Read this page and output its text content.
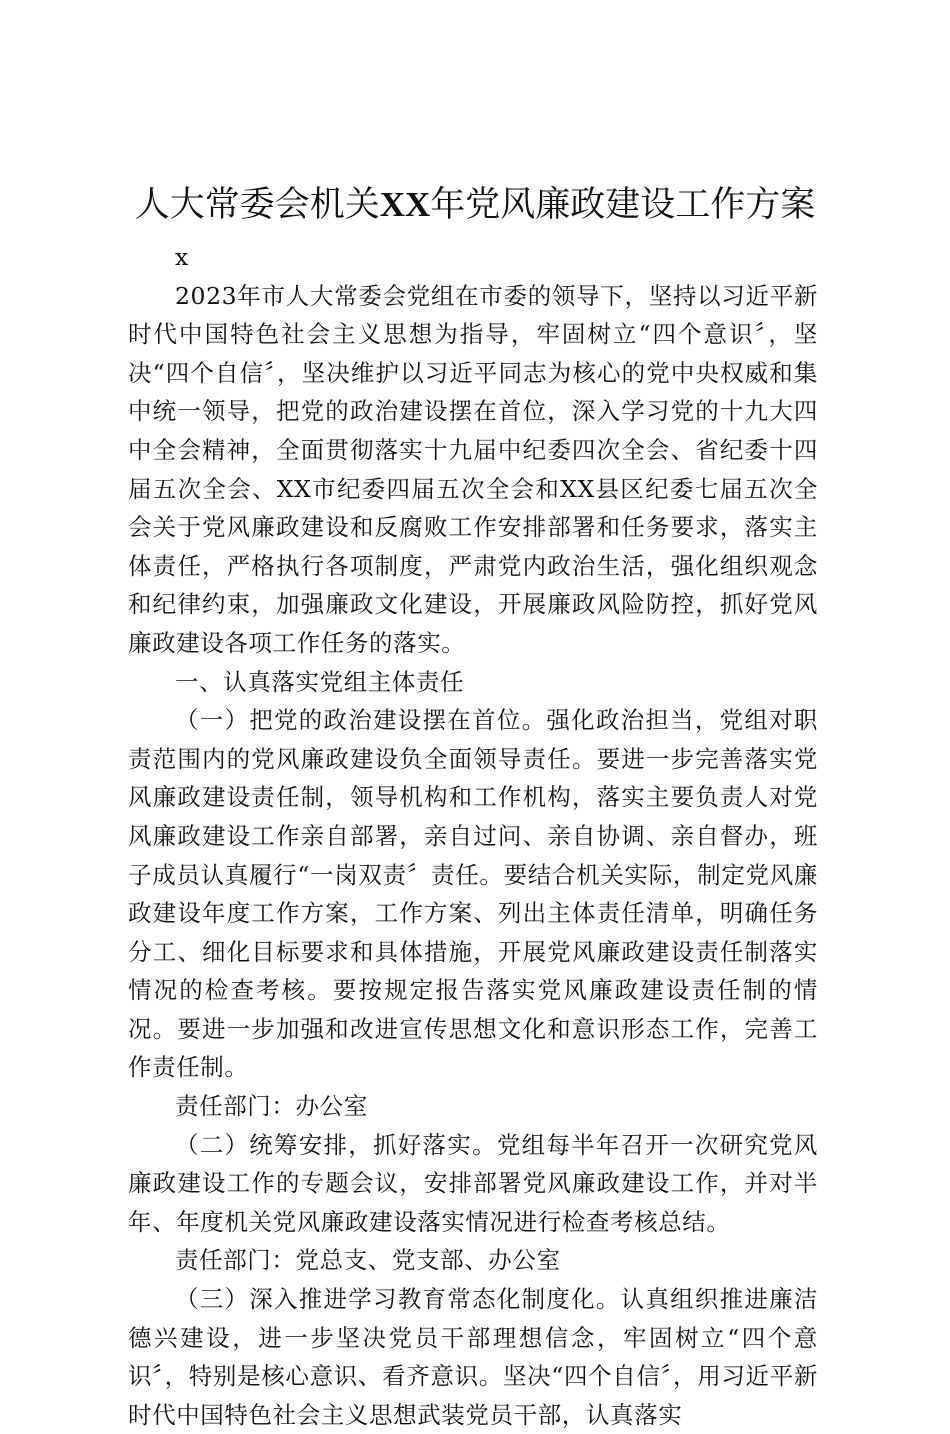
人大常委会机关XX年党风廉政建设工作方案

x

2023年市人大常委会党组在市委的领导下，坚持以习近平新时代中国特色社会主义思想为指导，牢固树立“四个意识〞，坚决“四个自信〞，坚决维护以习近平同志为核心的党中央权威和集中统一领导，把党的政治建设摆在首位，深入学习党的十九大四中全会精神，全面贯彻落实十九届中纪委四次全会、省纪委十四届五次全会、XX市纪委四届五次全会和XX县区纪委七届五次全会关于党风廉政建设和反腐败工作安排部署和任务要求，落实主体责任，严格执行各项制度，严肃党内政治生活，强化组织观念和纪律约束，加强廉政文化建设，开展廉政风险防控，抓好党风廉政建设各项工作任务的落实。

一、认真落实党组主体责任

（一）把党的政治建设摆在首位。强化政治担当，党组对职责范围内的党风廉政建设负全面领导责任。要进一步完善落实党风廉政建设责任制，领导机构和工作机构，落实主要负责人对党风廉政建设工作亲自部署，亲自过问、亲自协调、亲自督办，班子成员认真履行“一岗双责〞责任。要结合机关实际，制定党风廉政建设年度工作方案，工作方案、列出主体责任清单，明确任务分工、细化目标要求和具体措施，开展党风廉政建设责任制落实情况的检查考核。要按规定报告落实党风廉政建设责任制的情况。要进一步加强和改进宣传思想文化和意识形态工作，完善工作责任制。

责任部门：办公室

（二）统筹安排，抓好落实。党组每半年召开一次研究党风廉政建设工作的专题会议，安排部署党风廉政建设工作，并对半年、年度机关党风廉政建设落实情况进行检查考核总结。

责任部门：党总支、党支部、办公室

（三）深入推进学习教育常态化制度化。认真组织推进廉洁德兴建设，进一步坚决党员干部理想信念，牢固树立“四个意识〞，特别是核心意识、看齐意识。坚决“四个自信〞，用习近平新时代中国特色社会主义思想武装党员干部，认真落实
